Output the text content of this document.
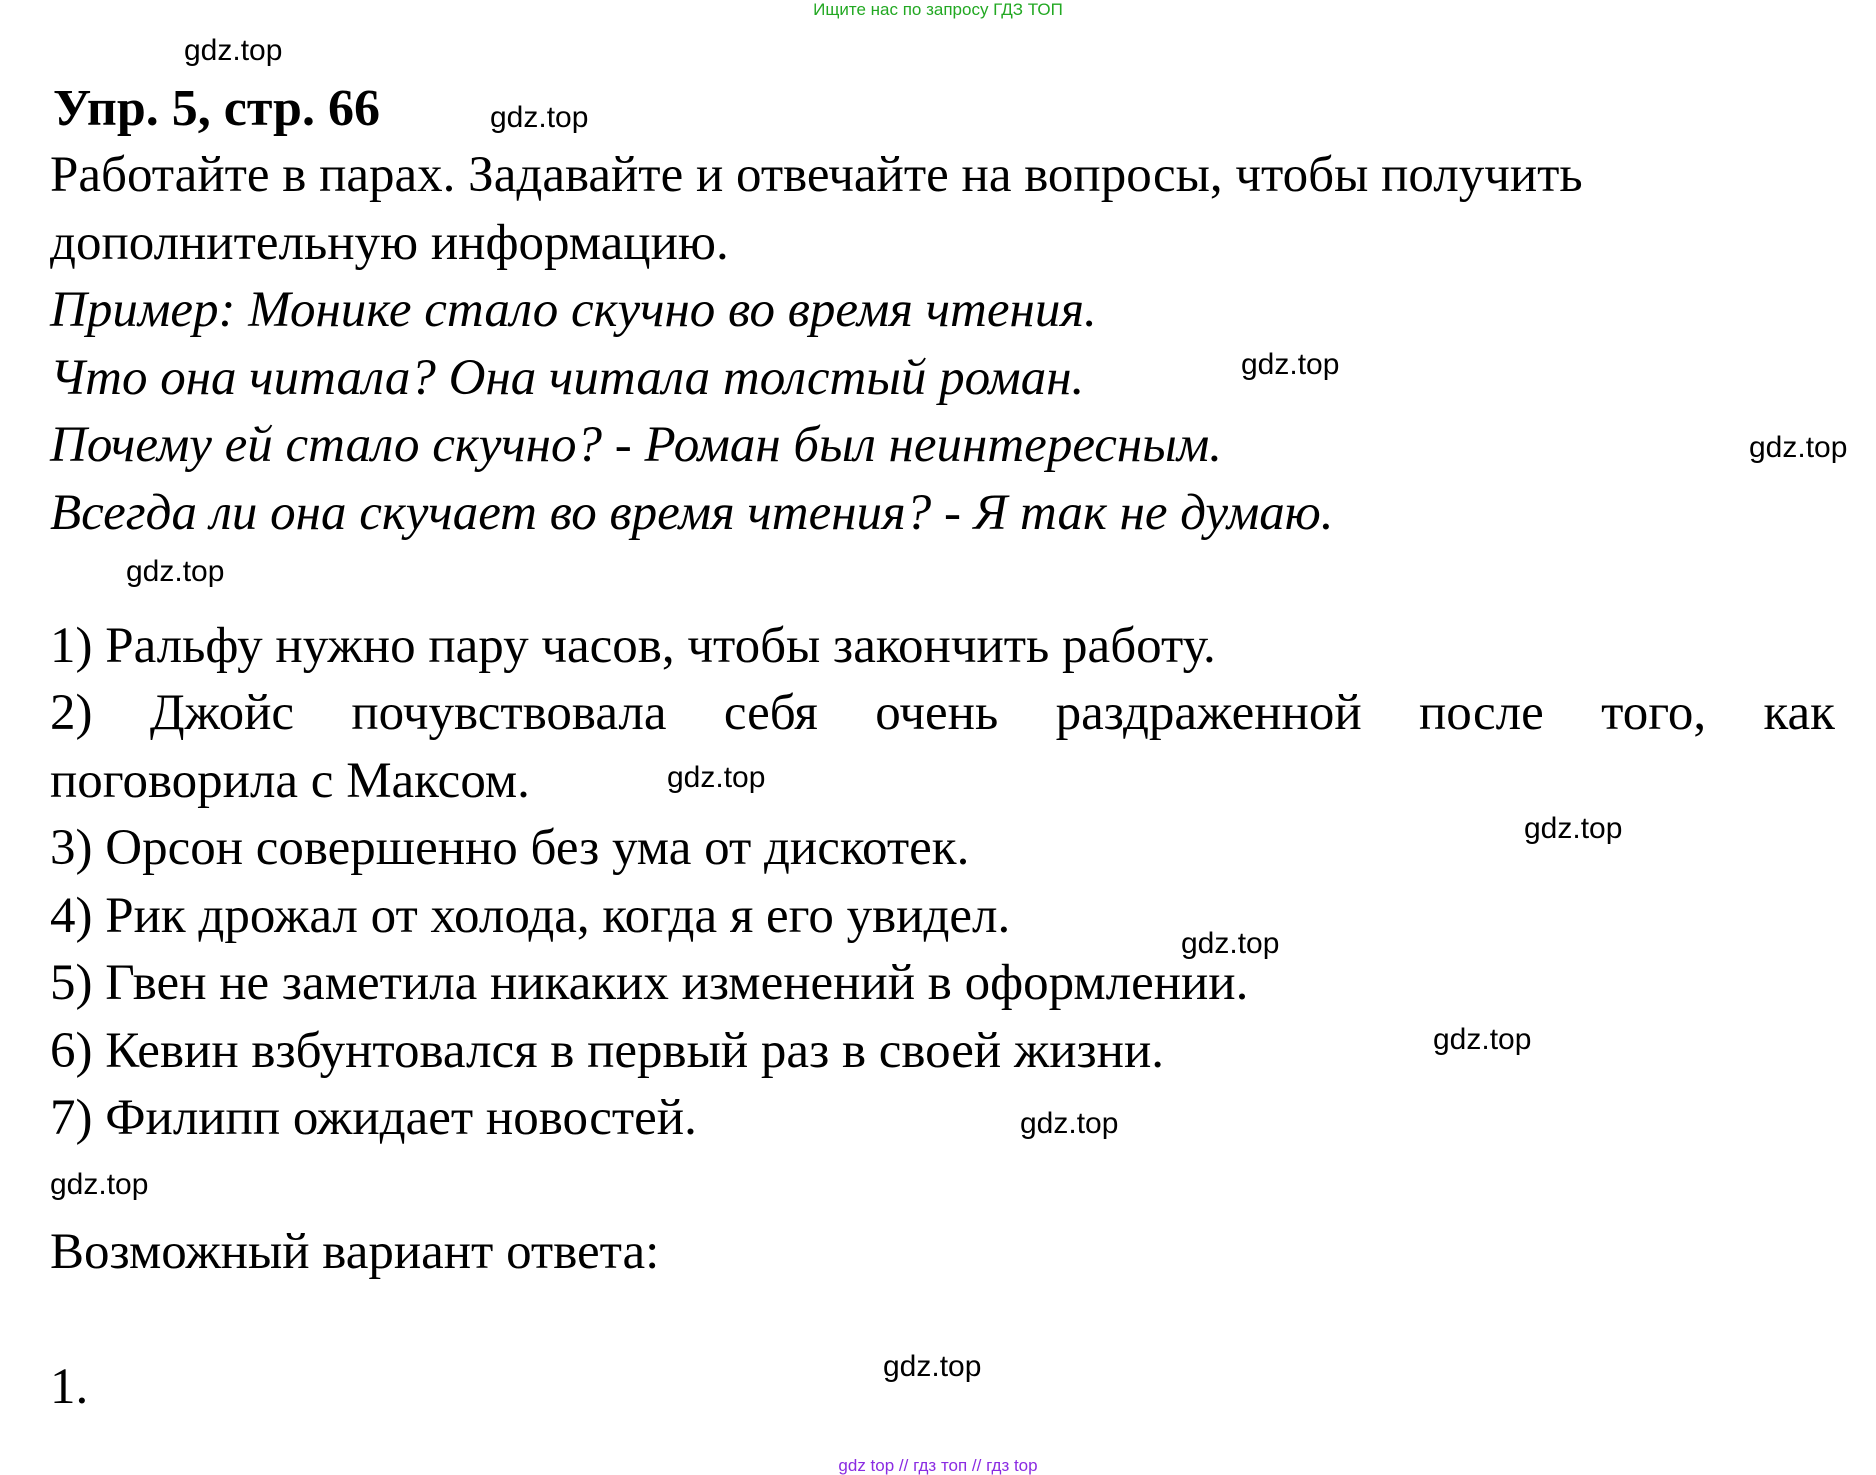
Ищите нас по запросу ГДЗ ТОП
gdz.top
gdz.top
gdz.top
gdz.top
gdz.top
gdz.top
gdz.top
gdz.top
gdz.top
gdz.top
gdz.top
gdz.top
Упр. 5, стр. 66
Работайте в парах. Задавайте и отвечайте на вопросы, чтобы получить
дополнительную информацию.
Пример: Монике стало скучно во время чтения.
Что она читала? Она читала толстый роман.
Почему ей стало скучно? - Роман был неинтересным.
Всегда ли она скучает во время чтения? - Я так не думаю.
1) Ральфу нужно пару часов, чтобы закончить работу.
2) Джойс почувствовала себя очень раздраженной после того, как
поговорила с Максом.
3) Орсон совершенно без ума от дискотек.
4) Рик дрожал от холода, когда я его увидел.
5) Гвен не заметила никаких изменений в оформлении.
6) Кевин взбунтовался в первый раз в своей жизни.
7) Филипп ожидает новостей.
Возможный вариант ответа:
1.
gdz top // гдз топ // гдз top
